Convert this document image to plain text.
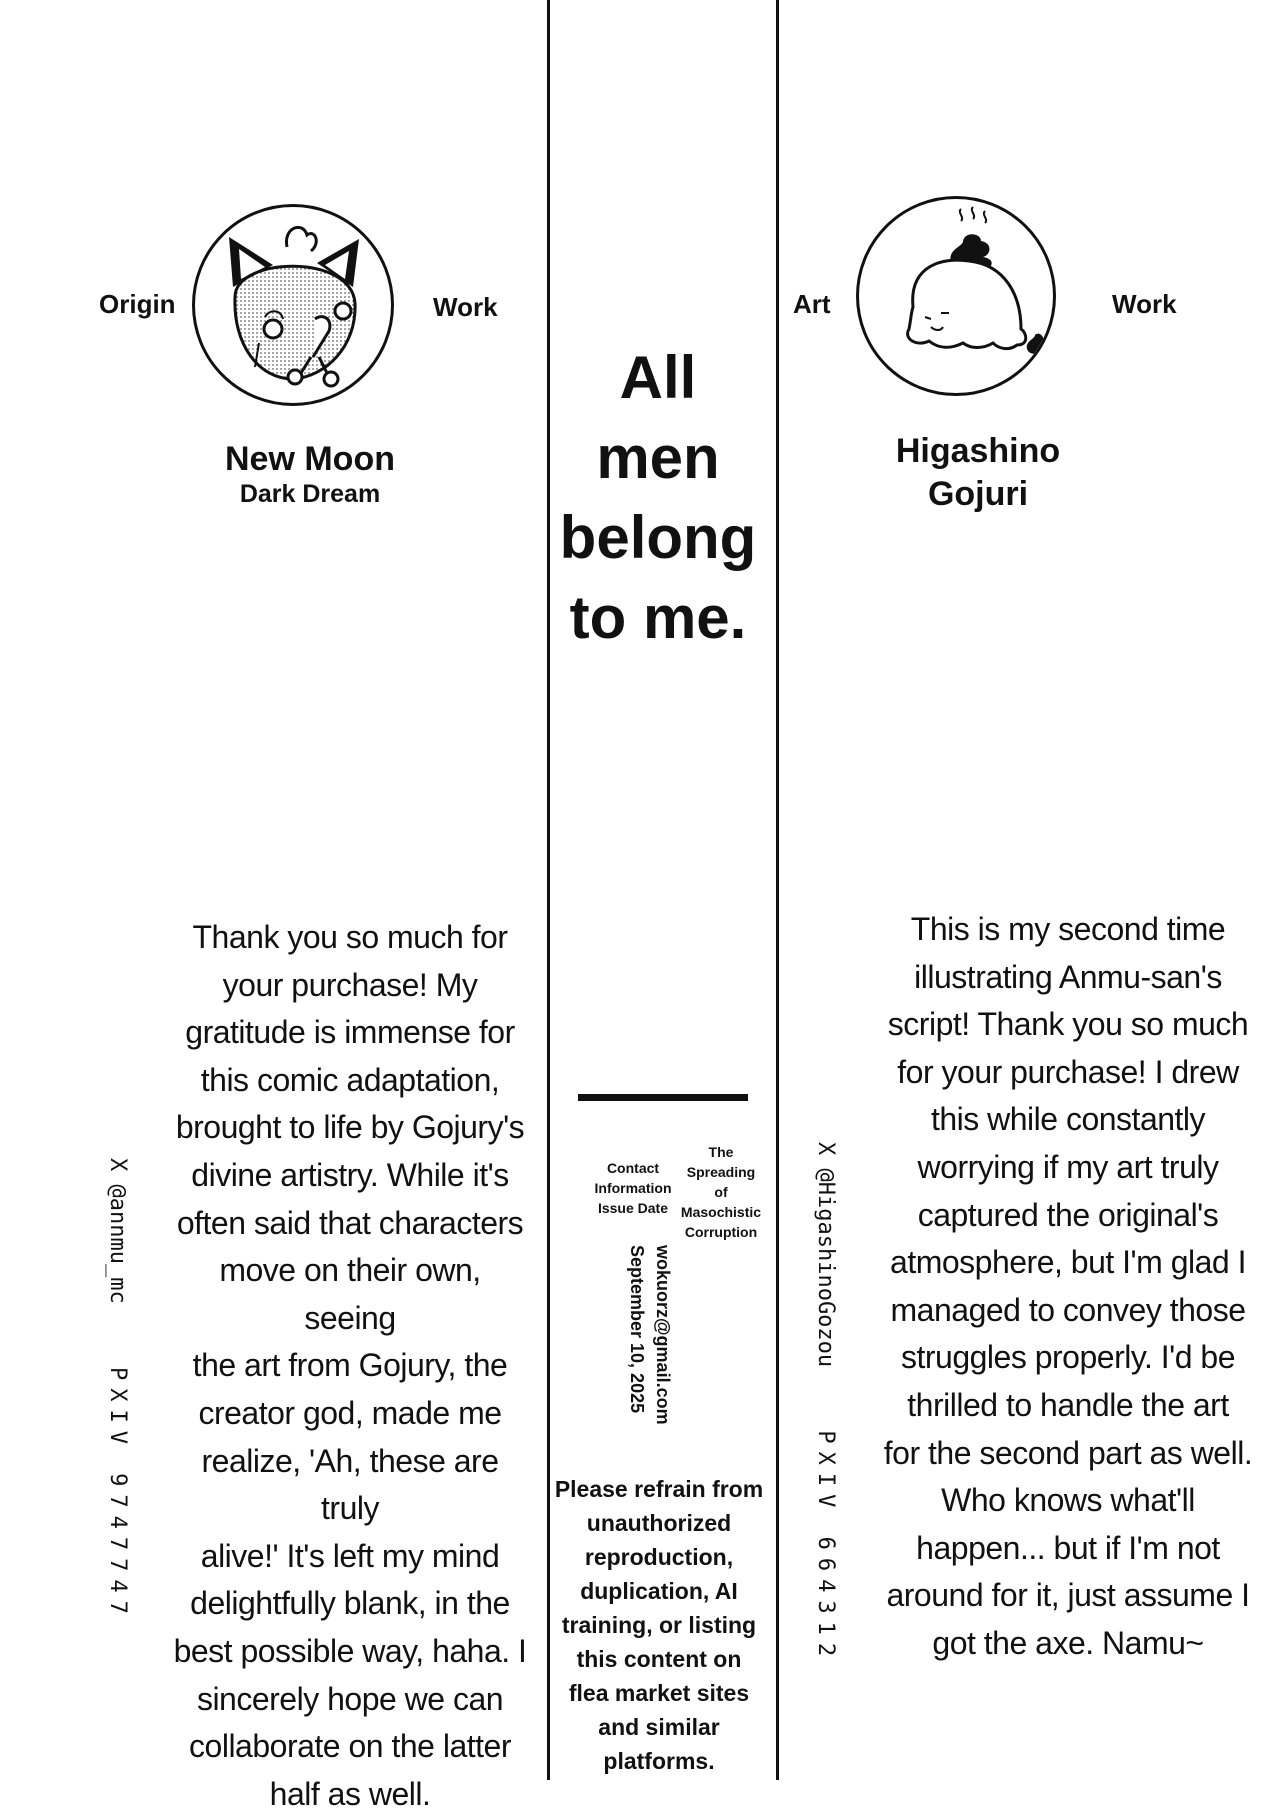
Origin	Work
New Moon
Dark Dream
Thank you so much for
your purchase! My
gratitude is immense for
this comic adaptation,
brought to life by Gojury's
divine artistry. While it's
often said that characters
move on their own, seeing
the art from Gojury, the
creator god, made me
realize, 'Ah, these are truly
alive!' It's left my mind
delightfully blank, in the
best possible way, haha. I
sincerely hope we can
collaborate on the latter
half as well.
X @annmu_mc PXIV 9747747
All
men
belong
to me.
The
Spreading
of
Masochistic
Corruption
Contact
Information
Issue Date
wokuorz@gmail.com
September 10, 2025
Please refrain from unauthorized reproduction, duplication, AI training, or listing this content on flea market sites and similar platforms.
Art	Work
Higashino
Gojuri
This is my second time
illustrating Anmu-san's
script! Thank you so much
for your purchase! I drew
this while constantly
worrying if my art truly
captured the original's
atmosphere, but I'm glad I
managed to convey those
struggles properly. I'd be
thrilled to handle the art
for the second part as well.
Who knows what'll
happen... but if I'm not
around for it, just assume I
got the axe. Namu~
X @HigashinoGozou PXIV 664312
